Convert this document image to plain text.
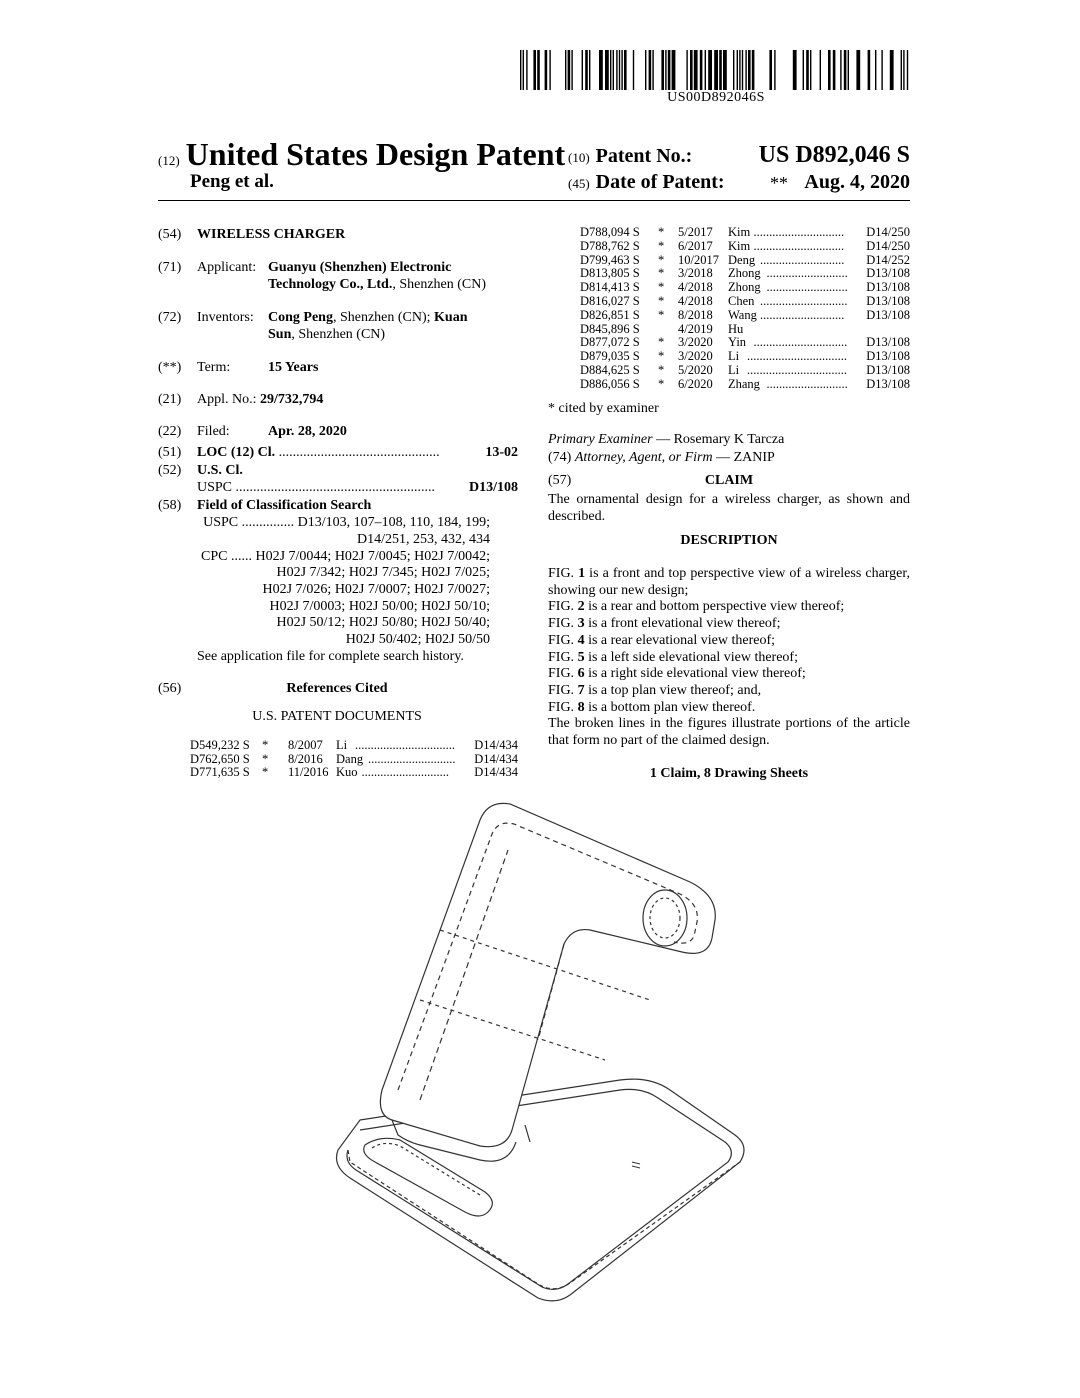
US00D892046S
(12) United States Design Patent
Peng et al.
(10) Patent No.:	US D892,046 S
(45) Date of Patent:	** Aug. 4, 2020
(54) WIRELESS CHARGER
(71) Applicant: Guanyu (Shenzhen) Electronic
Technology Co., Ltd., Shenzhen (CN)
(72) Inventors: Cong Peng, Shenzhen (CN); Kuan
Sun, Shenzhen (CN)
(**) Term:	15 Years
(21) Appl. No.: 29/732,794
(22) Filed:	Apr. 28, 2020
(51) LOC (12) Cl. ..............................................	13-02
(52) U.S. Cl.
USPC .........................................................	D13/108
(58) Field of Classification Search
USPC ............... D13/103, 107–108, 110, 184, 199;
D14/251, 253, 432, 434
CPC ...... H02J 7/0044; H02J 7/0045; H02J 7/0042;
H02J 7/342; H02J 7/345; H02J 7/025;
H02J 7/026; H02J 7/0007; H02J 7/0027;
H02J 7/0003; H02J 50/00; H02J 50/10;
H02J 50/12; H02J 50/80; H02J 50/40;
H02J 50/402; H02J 50/50
See application file for complete search history.
(56)	References Cited
U.S. PATENT DOCUMENTS
D549,232 S * 8/2007 Li ................................	D14/434
D762,650 S * 8/2016 Dang ............................	D14/434
D771,635 S * 11/2016 Kuo ............................	D14/434
D788,094 S * 5/2017 Kim .............................	D14/250
D788,762 S * 6/2017 Kim .............................	D14/250
D799,463 S * 10/2017 Deng ...........................	D14/252
D813,805 S * 3/2018 Zhong ..........................	D13/108
D814,413 S * 4/2018 Zhong ..........................	D13/108
D816,027 S * 4/2018 Chen ............................	D13/108
D826,851 S * 8/2018 Wang ...........................	D13/108
D845,896 S	4/2019 Hu
D877,072 S * 3/2020 Yin ..............................	D13/108
D879,035 S * 3/2020 Li ................................	D13/108
D884,625 S * 5/2020 Li ................................	D13/108
D886,056 S * 6/2020 Zhang ..........................	D13/108
* cited by examiner
Primary Examiner — Rosemary K Tarcza
(74) Attorney, Agent, or Firm — ZANIP
(57)	CLAIM
The ornamental design for a wireless charger, as shown and described.
DESCRIPTION
FIG. 1 is a front and top perspective view of a wireless charger, showing our new design;
FIG. 2 is a rear and bottom perspective view thereof;
FIG. 3 is a front elevational view thereof;
FIG. 4 is a rear elevational view thereof;
FIG. 5 is a left side elevational view thereof;
FIG. 6 is a right side elevational view thereof;
FIG. 7 is a top plan view thereof; and,
FIG. 8 is a bottom plan view thereof.
The broken lines in the figures illustrate portions of the article that form no part of the claimed design.
1 Claim, 8 Drawing Sheets
